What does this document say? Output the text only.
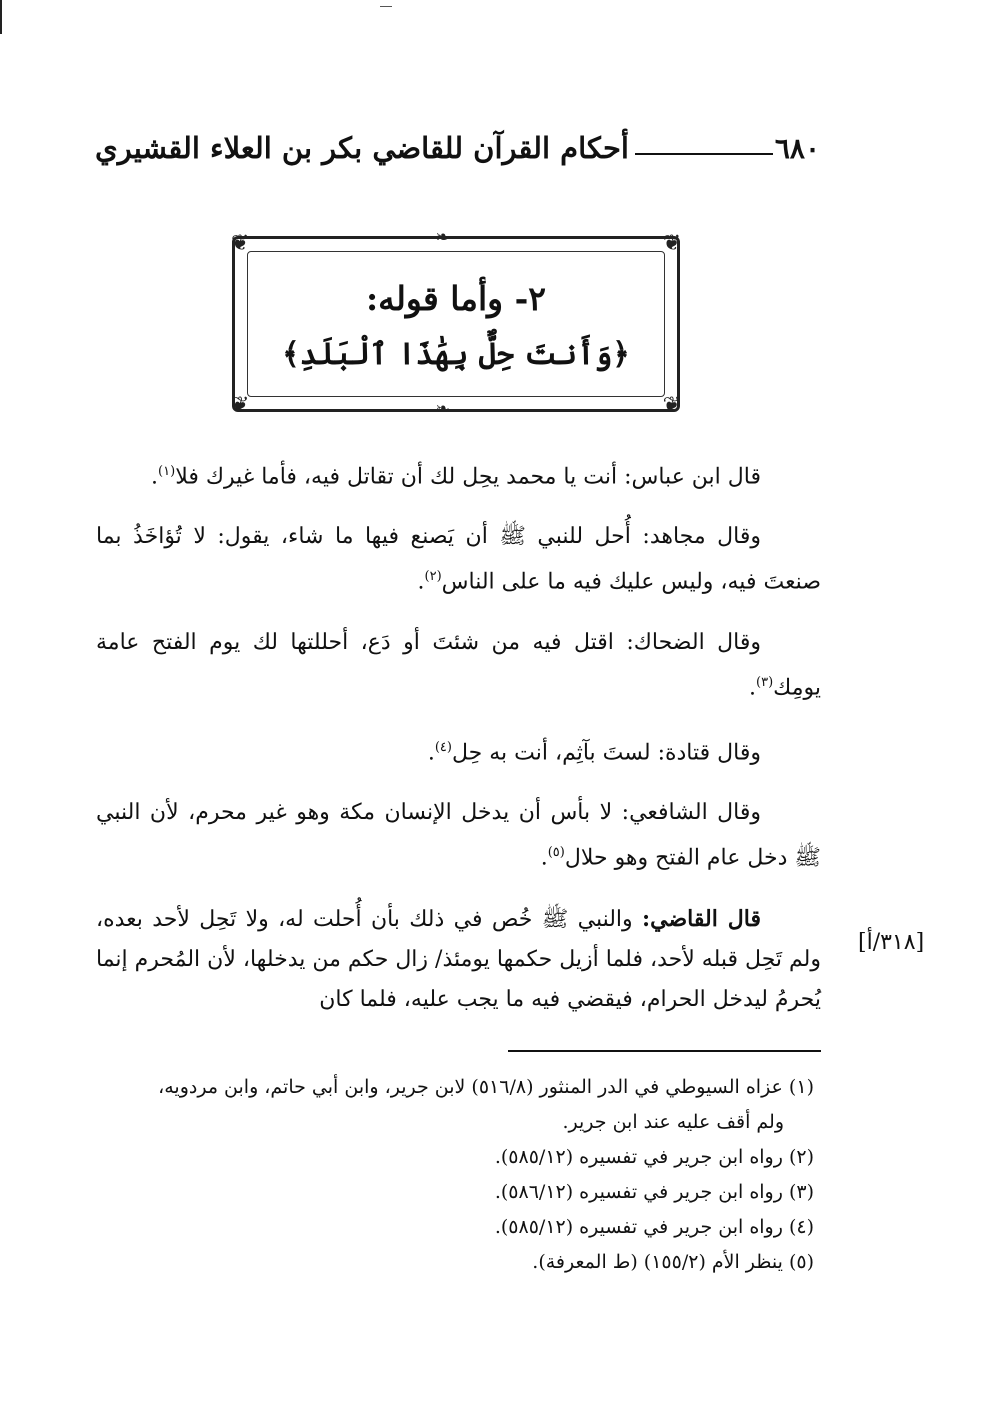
٦٨٠
أحكام القرآن للقاضي بكر بن العلاء القشيري
❦	❦
❦	❦
❧
❧
٢- وأما قوله:
﴿وَأَنتَ حِلٌّ بِهَٰذَا ٱلْبَلَدِ﴾

قال ابن عباس: أنت يا محمد يحِل لك أن تقاتل فيه، فأما غيرك فلا$^{(١)}$.

وقال مجاهد: أُحل للنبي ﷺ أن يَصنع فيها ما شاء، يقول: لا تُؤاخَذُ بما صنعتَ فيه، وليس عليك فيه ما على الناس$^{(٢)}$.

وقال الضحاك: اقتل فيه من شئتَ أو دَع، أحللتها لك يوم الفتح عامة يومِك$^{(٣)}$.

وقال قتادة: لستَ بآثِم، أنت به حِل$^{(٤)}$.

وقال الشافعي: لا بأس أن يدخل الإنسان مكة وهو غير محرم، لأن النبي ﷺ دخل عام الفتح وهو حلال$^{(٥)}$.

قال القاضي: والنبي ﷺ خُص في ذلك بأن أُحلت له، ولا تَحِل لأحد بعده، ولم تَحِل قبله لأحد، فلما أزيل حكمها يومئذ/ زال حكم من يدخلها، لأن المُحرم إنما يُحرمُ ليدخل الحرام، فيقضي فيه ما يجب عليه، فلما كان

[٣١٨/أ]

(١) عزاه السيوطي في الدر المنثور (٥١٦/٨) لابن جرير، وابن أبي حاتم، وابن مردويه،

ولم أقف عليه عند ابن جرير.

(٢) رواه ابن جرير في تفسيره (٥٨٥/١٢).

(٣) رواه ابن جرير في تفسيره (٥٨٦/١٢).

(٤) رواه ابن جرير في تفسيره (٥٨٥/١٢).

(٥) ينظر الأم (١٥٥/٢) (ط المعرفة).
